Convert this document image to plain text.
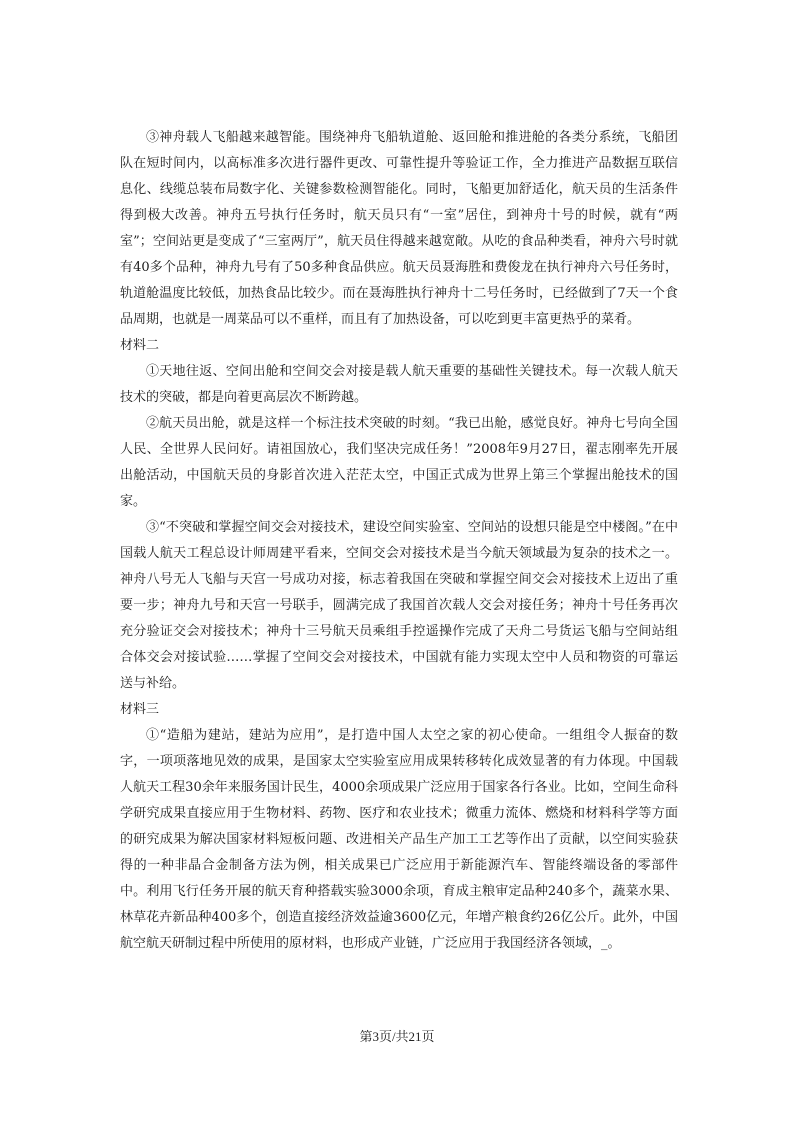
③神舟载人飞船越来越智能。围绕神舟飞船轨道舱、返回舱和推进舱的各类分系统，飞船团队在短时间内，以高标准多次进行器件更改、可靠性提升等验证工作，全力推进产品数据互联信息化、线缆总装布局数字化、关键参数检测智能化。同时，飞船更加舒适化，航天员的生活条件得到极大改善。神舟五号执行任务时，航天员只有“一室”居住，到神舟十号的时候，就有“两室”；空间站更是变成了“三室两厅”，航天员住得越来越宽敞。从吃的食品种类看，神舟六号时就有40多个品种，神舟九号有了50多种食品供应。航天员聂海胜和费俊龙在执行神舟六号任务时，轨道舱温度比较低，加热食品比较少。而在聂海胜执行神舟十二号任务时，已经做到了7天一个食品周期，也就是一周菜品可以不重样，而且有了加热设备，可以吃到更丰富更热乎的菜肴。

材料二

①天地往返、空间出舱和空间交会对接是载人航天重要的基础性关键技术。每一次载人航天技术的突破，都是向着更高层次不断跨越。

②航天员出舱，就是这样一个标注技术突破的时刻。“我已出舱，感觉良好。神舟七号向全国人民、全世界人民问好。请祖国放心，我们坚决完成任务！”2008年9月27日，翟志刚率先开展出舱活动，中国航天员的身影首次进入茫茫太空，中国正式成为世界上第三个掌握出舱技术的国家。

③“不突破和掌握空间交会对接技术，建设空间实验室、空间站的设想只能是空中楼阁。”在中国载人航天工程总设计师周建平看来，空间交会对接技术是当今航天领域最为复杂的技术之一。神舟八号无人飞船与天宫一号成功对接，标志着我国在突破和掌握空间交会对接技术上迈出了重要一步；神舟九号和天宫一号联手，圆满完成了我国首次载人交会对接任务；神舟十号任务再次充分验证交会对接技术；神舟十三号航天员乘组手控遥操作完成了天舟二号货运飞船与空间站组合体交会对接试验……掌握了空间交会对接技术，中国就有能力实现太空中人员和物资的可靠运送与补给。

材料三

①“造船为建站，建站为应用”，是打造中国人太空之家的初心使命。一组组令人振奋的数字，一项项落地见效的成果，是国家太空实验室应用成果转移转化成效显著的有力体现。中国载人航天工程30余年来服务国计民生，4000余项成果广泛应用于国家各行各业。比如，空间生命科学研究成果直接应用于生物材料、药物、医疗和农业技术；微重力流体、燃烧和材料科学等方面的研究成果为解决国家材料短板问题、改进相关产品生产加工工艺等作出了贡献，以空间实验获得的一种非晶合金制备方法为例，相关成果已广泛应用于新能源汽车、智能终端设备的零部件中。利用飞行任务开展的航天育种搭载实验3000余项，育成主粮审定品种240多个，蔬菜水果、林草花卉新品种400多个，创造直接经济效益逾3600亿元，年增产粮食约26亿公斤。此外，中国航空航天研制过程中所使用的原材料，也形成产业链，广泛应用于我国经济各领域，_。

第3页/共21页
